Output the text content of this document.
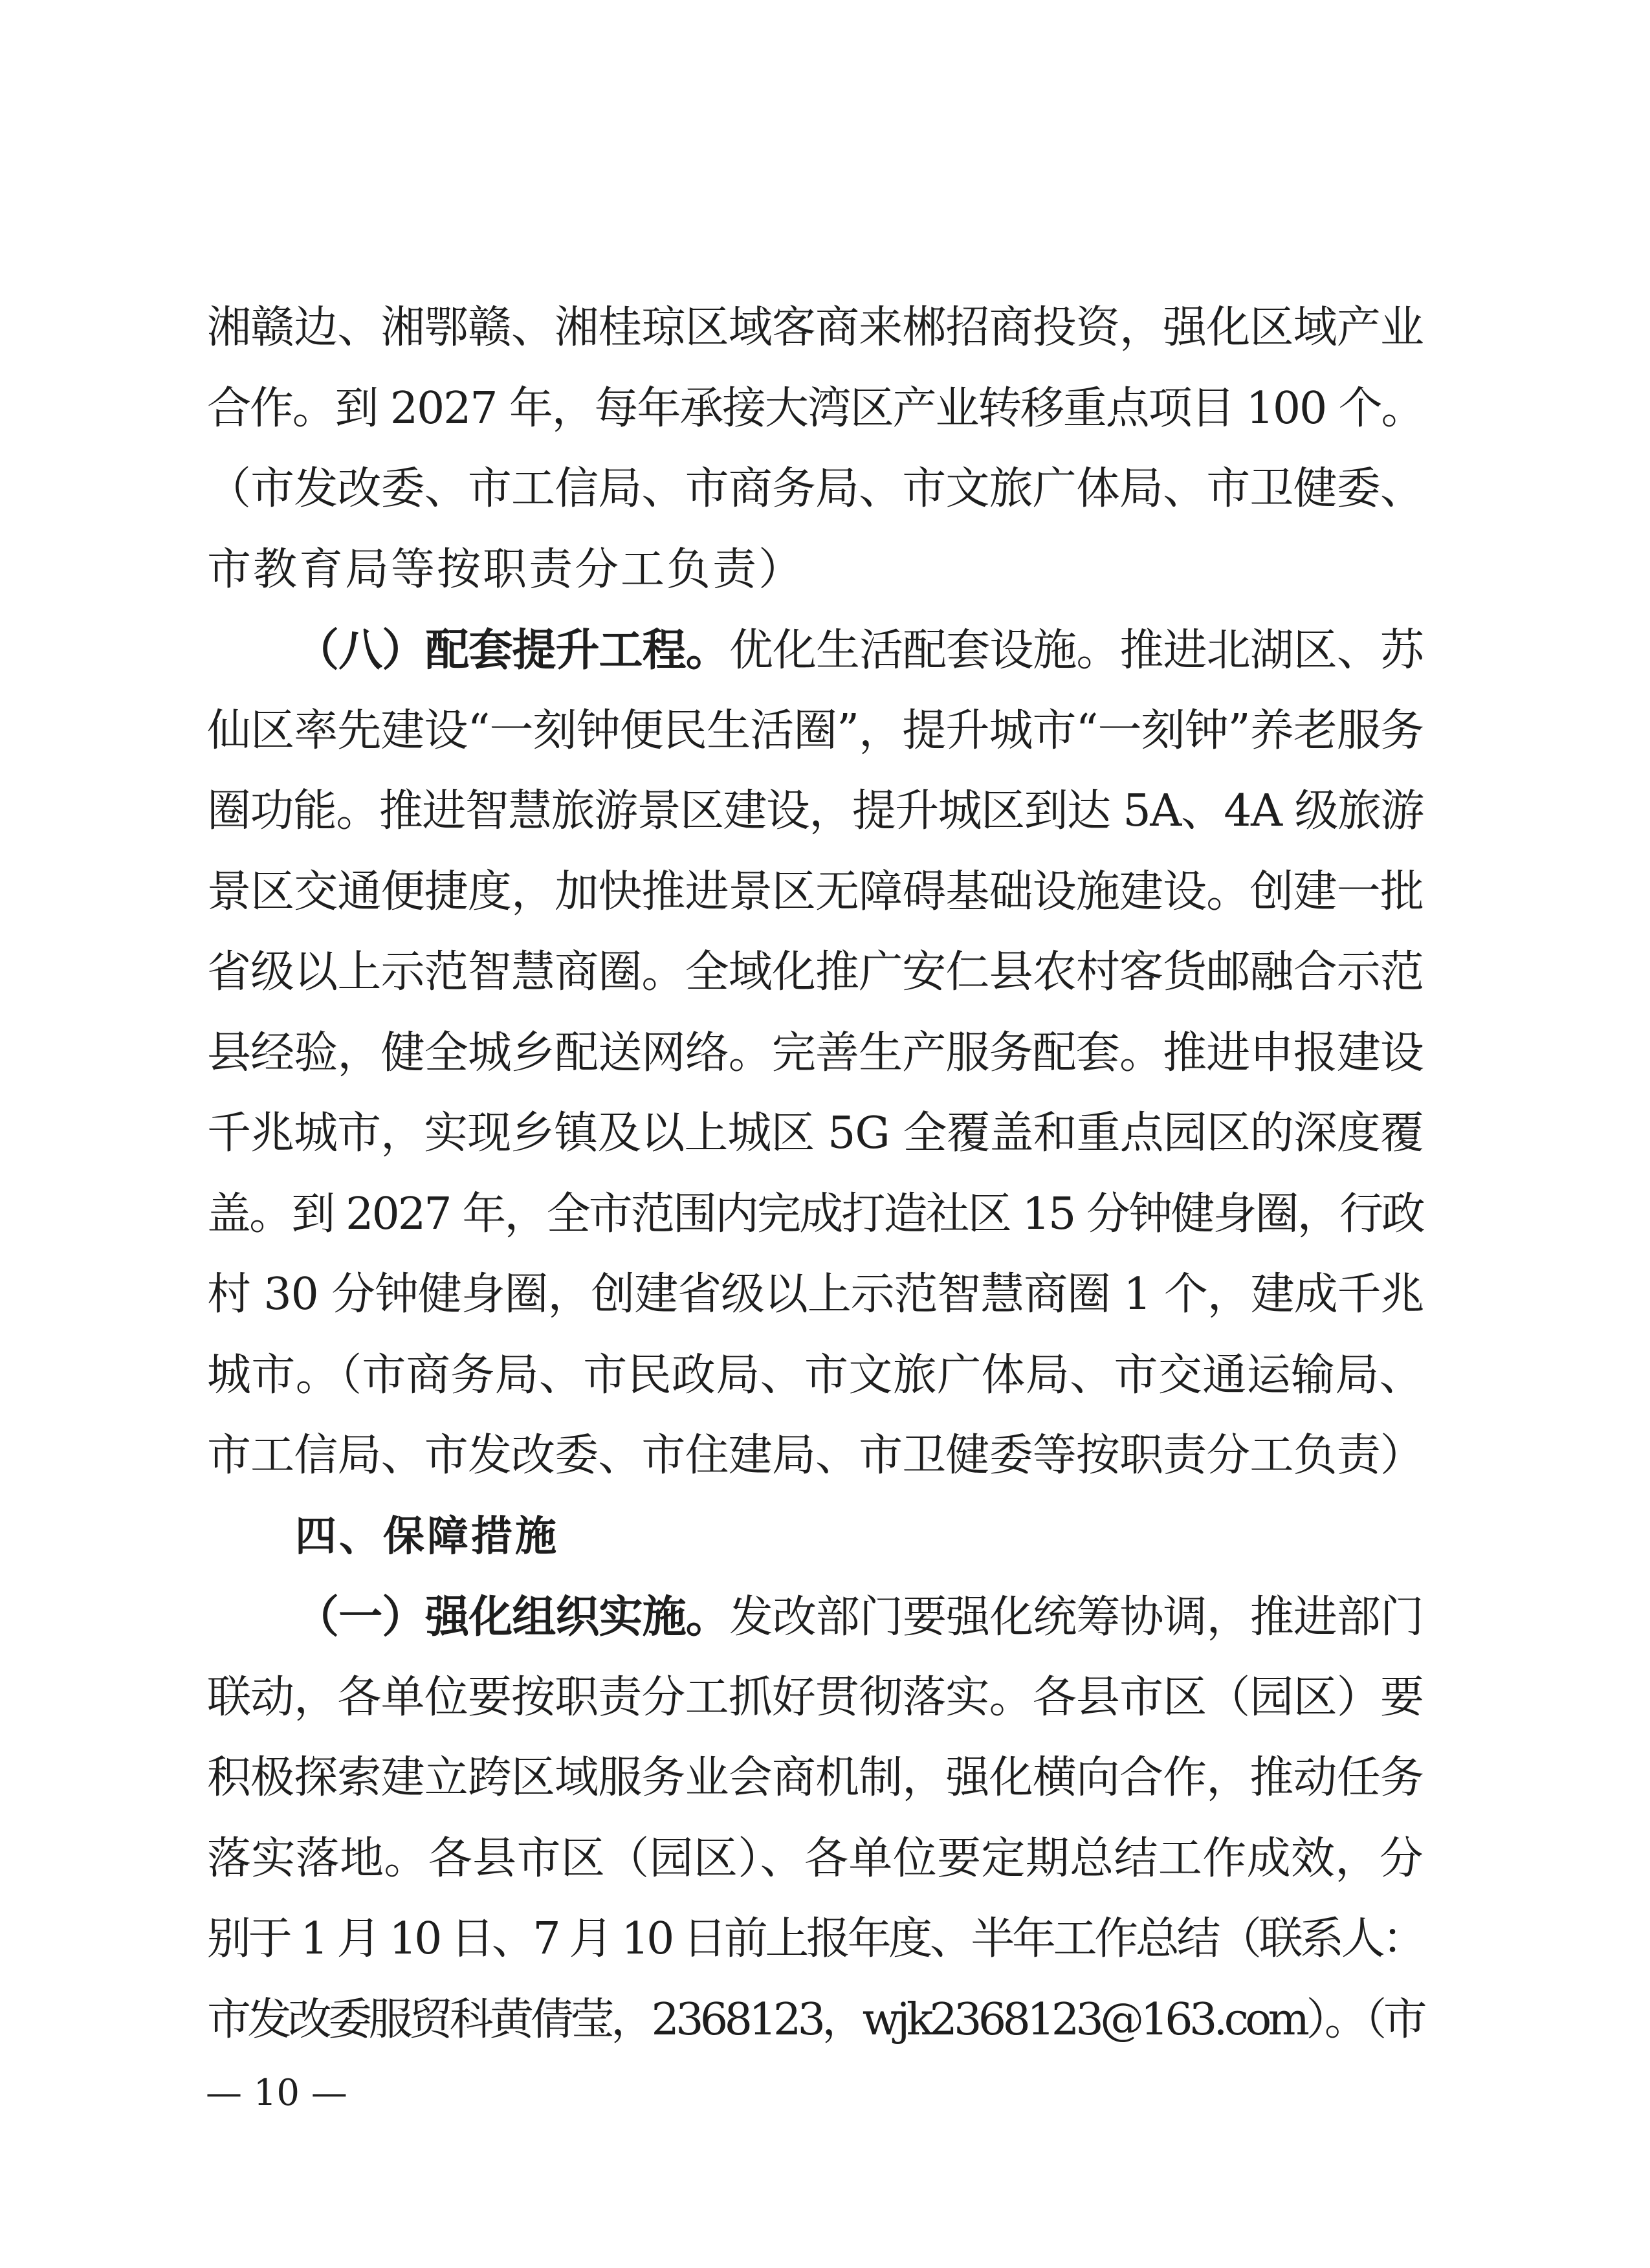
湘赣边、湘鄂赣、湘桂琼区域客商来郴招商投资，强化区域产业
合作。到 2027 年，每年承接大湾区产业转移重点项目 100 个。
（市发改委、市工信局、市商务局、市文旅广体局、市卫健委、
市教育局等按职责分工负责）
（八）配套提升工程。优化生活配套设施。推进北湖区、苏
仙区率先建设“一刻钟便民生活圈”，提升城市“一刻钟”养老服务
圈功能。推进智慧旅游景区建设，提升城区到达 5A、4A 级旅游
景区交通便捷度，加快推进景区无障碍基础设施建设。创建一批
省级以上示范智慧商圈。全域化推广安仁县农村客货邮融合示范
县经验，健全城乡配送网络。完善生产服务配套。推进申报建设
千兆城市，实现乡镇及以上城区 5G 全覆盖和重点园区的深度覆
盖。到 2027 年，全市范围内完成打造社区 15 分钟健身圈，行政
村 30 分钟健身圈，创建省级以上示范智慧商圈 1 个，建成千兆
城市。（市商务局、市民政局、市文旅广体局、市交通运输局、
市工信局、市发改委、市住建局、市卫健委等按职责分工负责）
四、保障措施
（一）强化组织实施。发改部门要强化统筹协调，推进部门
联动，各单位要按职责分工抓好贯彻落实。各县市区（园区）要
积极探索建立跨区域服务业会商机制，强化横向合作，推动任务
落实落地。各县市区（园区）、各单位要定期总结工作成效，分
别于 1 月 10 日、7 月 10 日前上报年度、半年工作总结（联系人：
市发改委服贸科黄倩莹，2368123，wjk2368123@163.com）。（市
— 10 —
